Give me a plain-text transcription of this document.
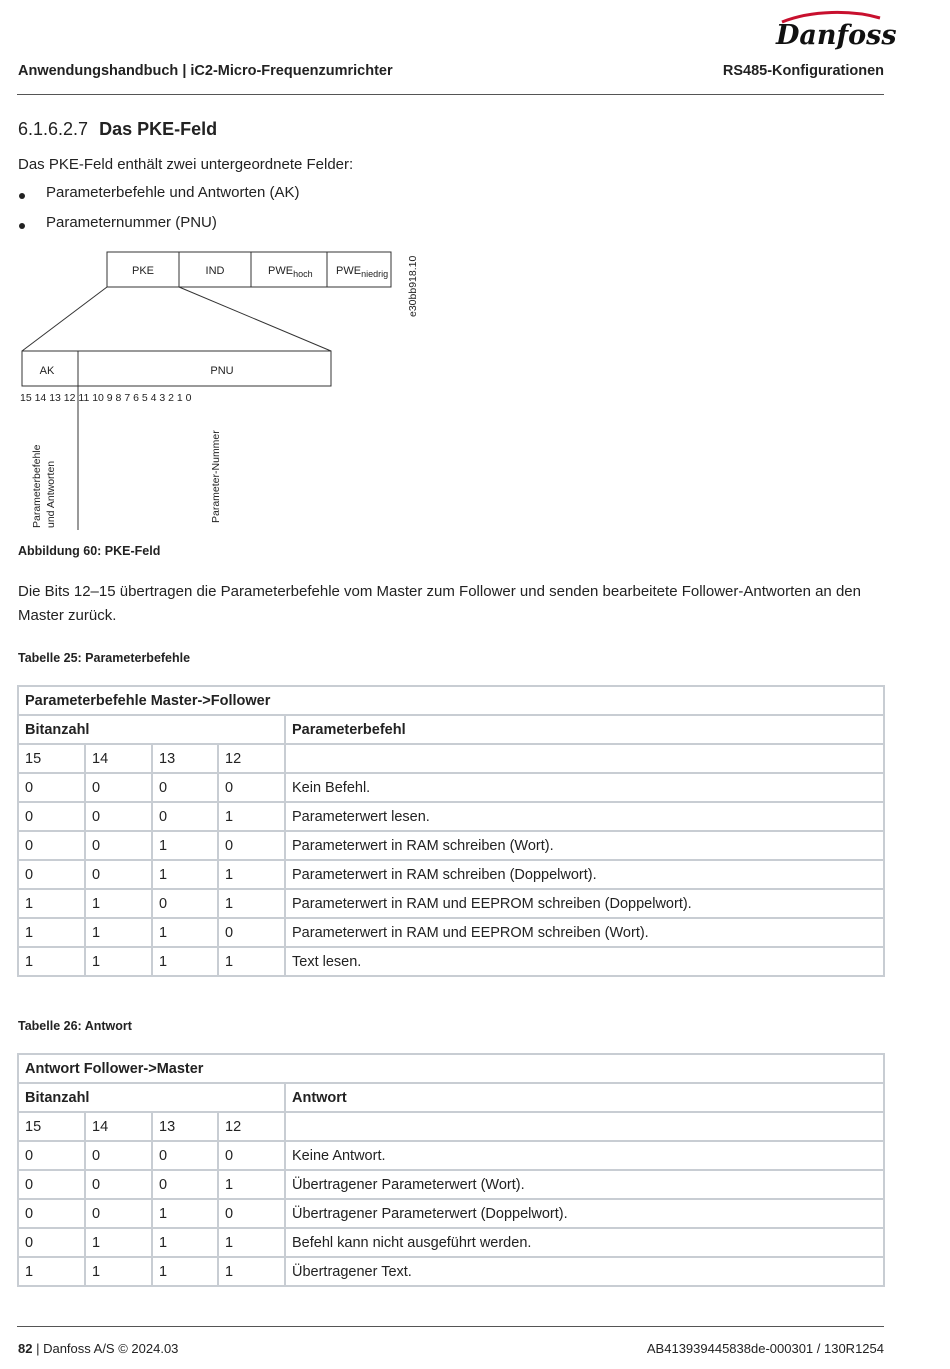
Danfoss
Anwendungshandbuch | iC2-Micro-Frequenzumrichter	RS485-Konfigurationen
6.1.6.2.7 Das PKE-Feld
Das PKE-Feld enthält zwei untergeordnete Felder:
Parameterbefehle und Antworten (AK)
Parameternummer (PNU)
PKE	IND	$PWE_{hoch}$ $PWE_{niedrig}$ e30bb918.10
AK	PNU
15 14 13 12 11 10 9 8 7 6 5 4 3 2 1 0
Parameterbefehle und Antworten	Parameter-Nummer
Abbildung 60: PKE-Feld
Die Bits 12–15 übertragen die Parameterbefehle vom Master zum Follower und senden bearbeitete Follower-Antworten an den Master zurück.
Tabelle 25: Parameterbefehle
Parameterbefehle Master->Follower				
Bitanzahl				Parameterbefehl
15	14	13	12	
0	0	0	0	Kein Befehl.
0	0	0	1	Parameterwert lesen.
0	0	1	0	Parameterwert in RAM schreiben (Wort).
0	0	1	1	Parameterwert in RAM schreiben (Doppelwort).
1	1	0	1	Parameterwert in RAM und EEPROM schreiben (Doppelwort).
1	1	1	0	Parameterwert in RAM und EEPROM schreiben (Wort).
1	1	1	1	Text lesen.
Tabelle 26: Antwort
Antwort Follower->Master				
Bitanzahl				Antwort
15	14	13	12	
0	0	0	0	Keine Antwort.
0	0	0	1	Übertragener Parameterwert (Wort).
0	0	1	0	Übertragener Parameterwert (Doppelwort).
0	1	1	1	Befehl kann nicht ausgeführt werden.
1	1	1	1	Übertragener Text.
82 | Danfoss A/S © 2024.03	AB413939445838de-000301 / 130R1254
